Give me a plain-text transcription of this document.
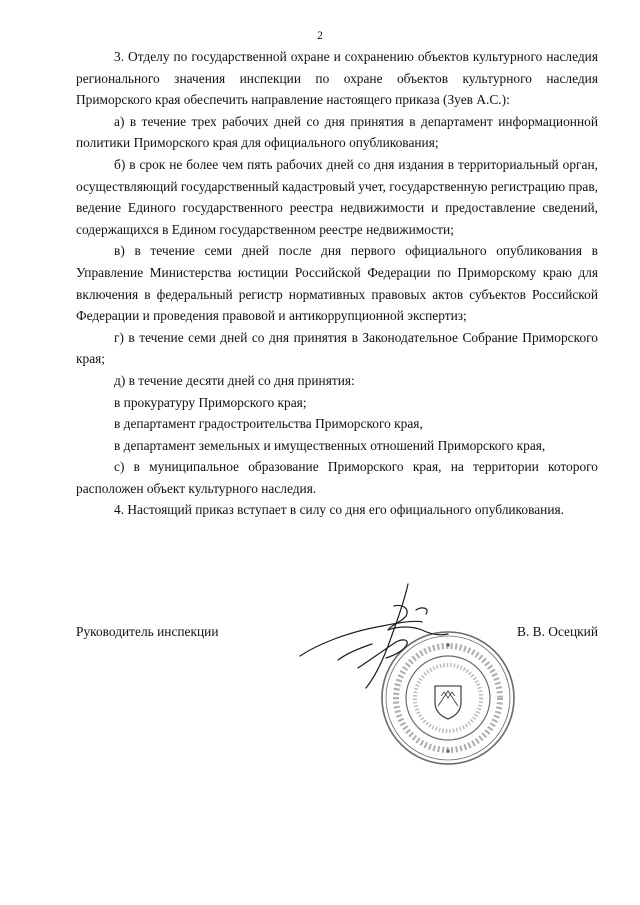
2

3. Отделу по государственной охране и сохранению объектов культурного наследия регионального значения инспекции по охране объектов культурного наследия Приморского края обеспечить направление настоящего приказа (Зуев А.С.):

а) в течение трех рабочих дней со дня принятия в департамент информационной политики Приморского края для официального опубликования;

б) в срок не более чем пять рабочих дней со дня издания в территориальный орган, осуществляющий государственный кадастровый учет, государственную регистрацию прав, ведение Единого государственного реестра недвижимости и предоставление сведений, содержащихся в Едином государственном реестре недвижимости;

в) в течение семи дней после дня первого официального опубликования в Управление Министерства юстиции Российской Федерации по Приморскому краю для включения в федеральный регистр нормативных правовых актов субъектов Российской Федерации и проведения правовой и антикоррупционной экспертиз;

г) в течение семи дней со дня принятия в Законодательное Собрание Приморского края;

д) в течение десяти дней со дня принятия:

в прокуратуру Приморского края;

в департамент градостроительства Приморского края,

в департамент земельных и имущественных отношений Приморского края,

с) в муниципальное образование Приморского края, на территории которого расположен объект культурного наследия.

4. Настоящий приказ вступает в силу со дня его официального опубликования.

Руководитель инспекции	В. В. Осецкий
